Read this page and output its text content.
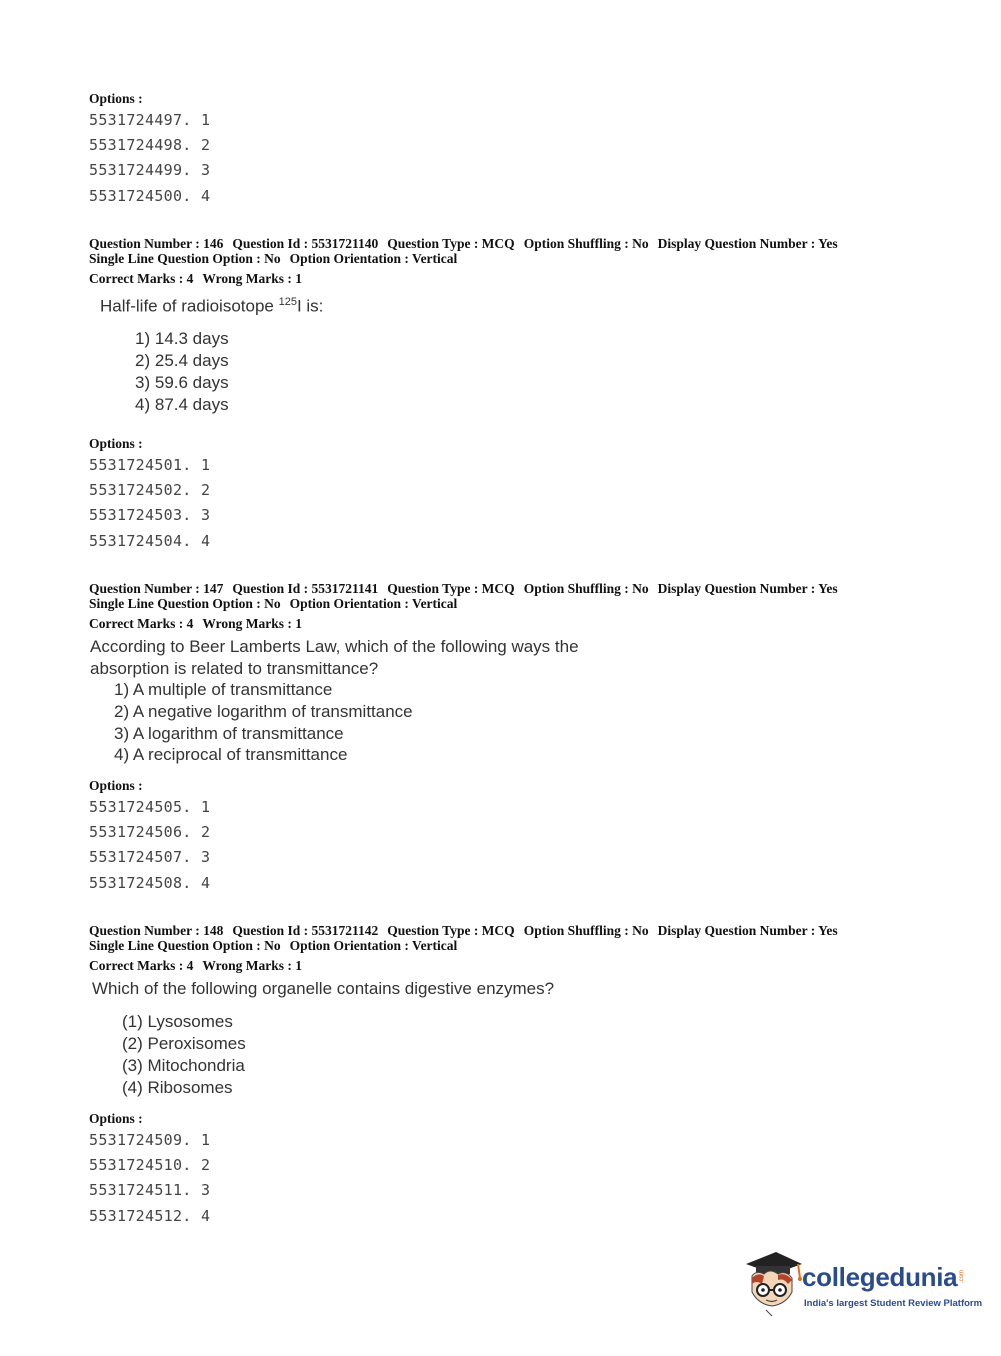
Options :
5531724497. 1
5531724498. 2
5531724499. 3
5531724500. 4
Question Number : 146 Question Id : 5531721140 Question Type : MCQ Option Shuffling : No Display Question Number : Yes
Single Line Question Option : No Option Orientation : Vertical
Correct Marks : 4 Wrong Marks : 1
Half-life of radioisotope $^{125}$I is:
1) 14.3 days
2) 25.4 days
3) 59.6 days
4) 87.4 days
Options :
5531724501. 1
5531724502. 2
5531724503. 3
5531724504. 4
Question Number : 147 Question Id : 5531721141 Question Type : MCQ Option Shuffling : No Display Question Number : Yes
Single Line Question Option : No Option Orientation : Vertical
Correct Marks : 4 Wrong Marks : 1
According to Beer Lamberts Law, which of the following ways the
absorption is related to transmittance?
1) A multiple of transmittance
2) A negative logarithm of transmittance
3) A logarithm of transmittance
4) A reciprocal of transmittance
Options :
5531724505. 1
5531724506. 2
5531724507. 3
5531724508. 4
Question Number : 148 Question Id : 5531721142 Question Type : MCQ Option Shuffling : No Display Question Number : Yes
Single Line Question Option : No Option Orientation : Vertical
Correct Marks : 4 Wrong Marks : 1
Which of the following organelle contains digestive enzymes?
(1) Lysosomes
(2) Peroxisomes
(3) Mitochondria
(4) Ribosomes
Options :
5531724509. 1
5531724510. 2
5531724511. 3
5531724512. 4
collegedunia .com
India's largest Student Review Platform
